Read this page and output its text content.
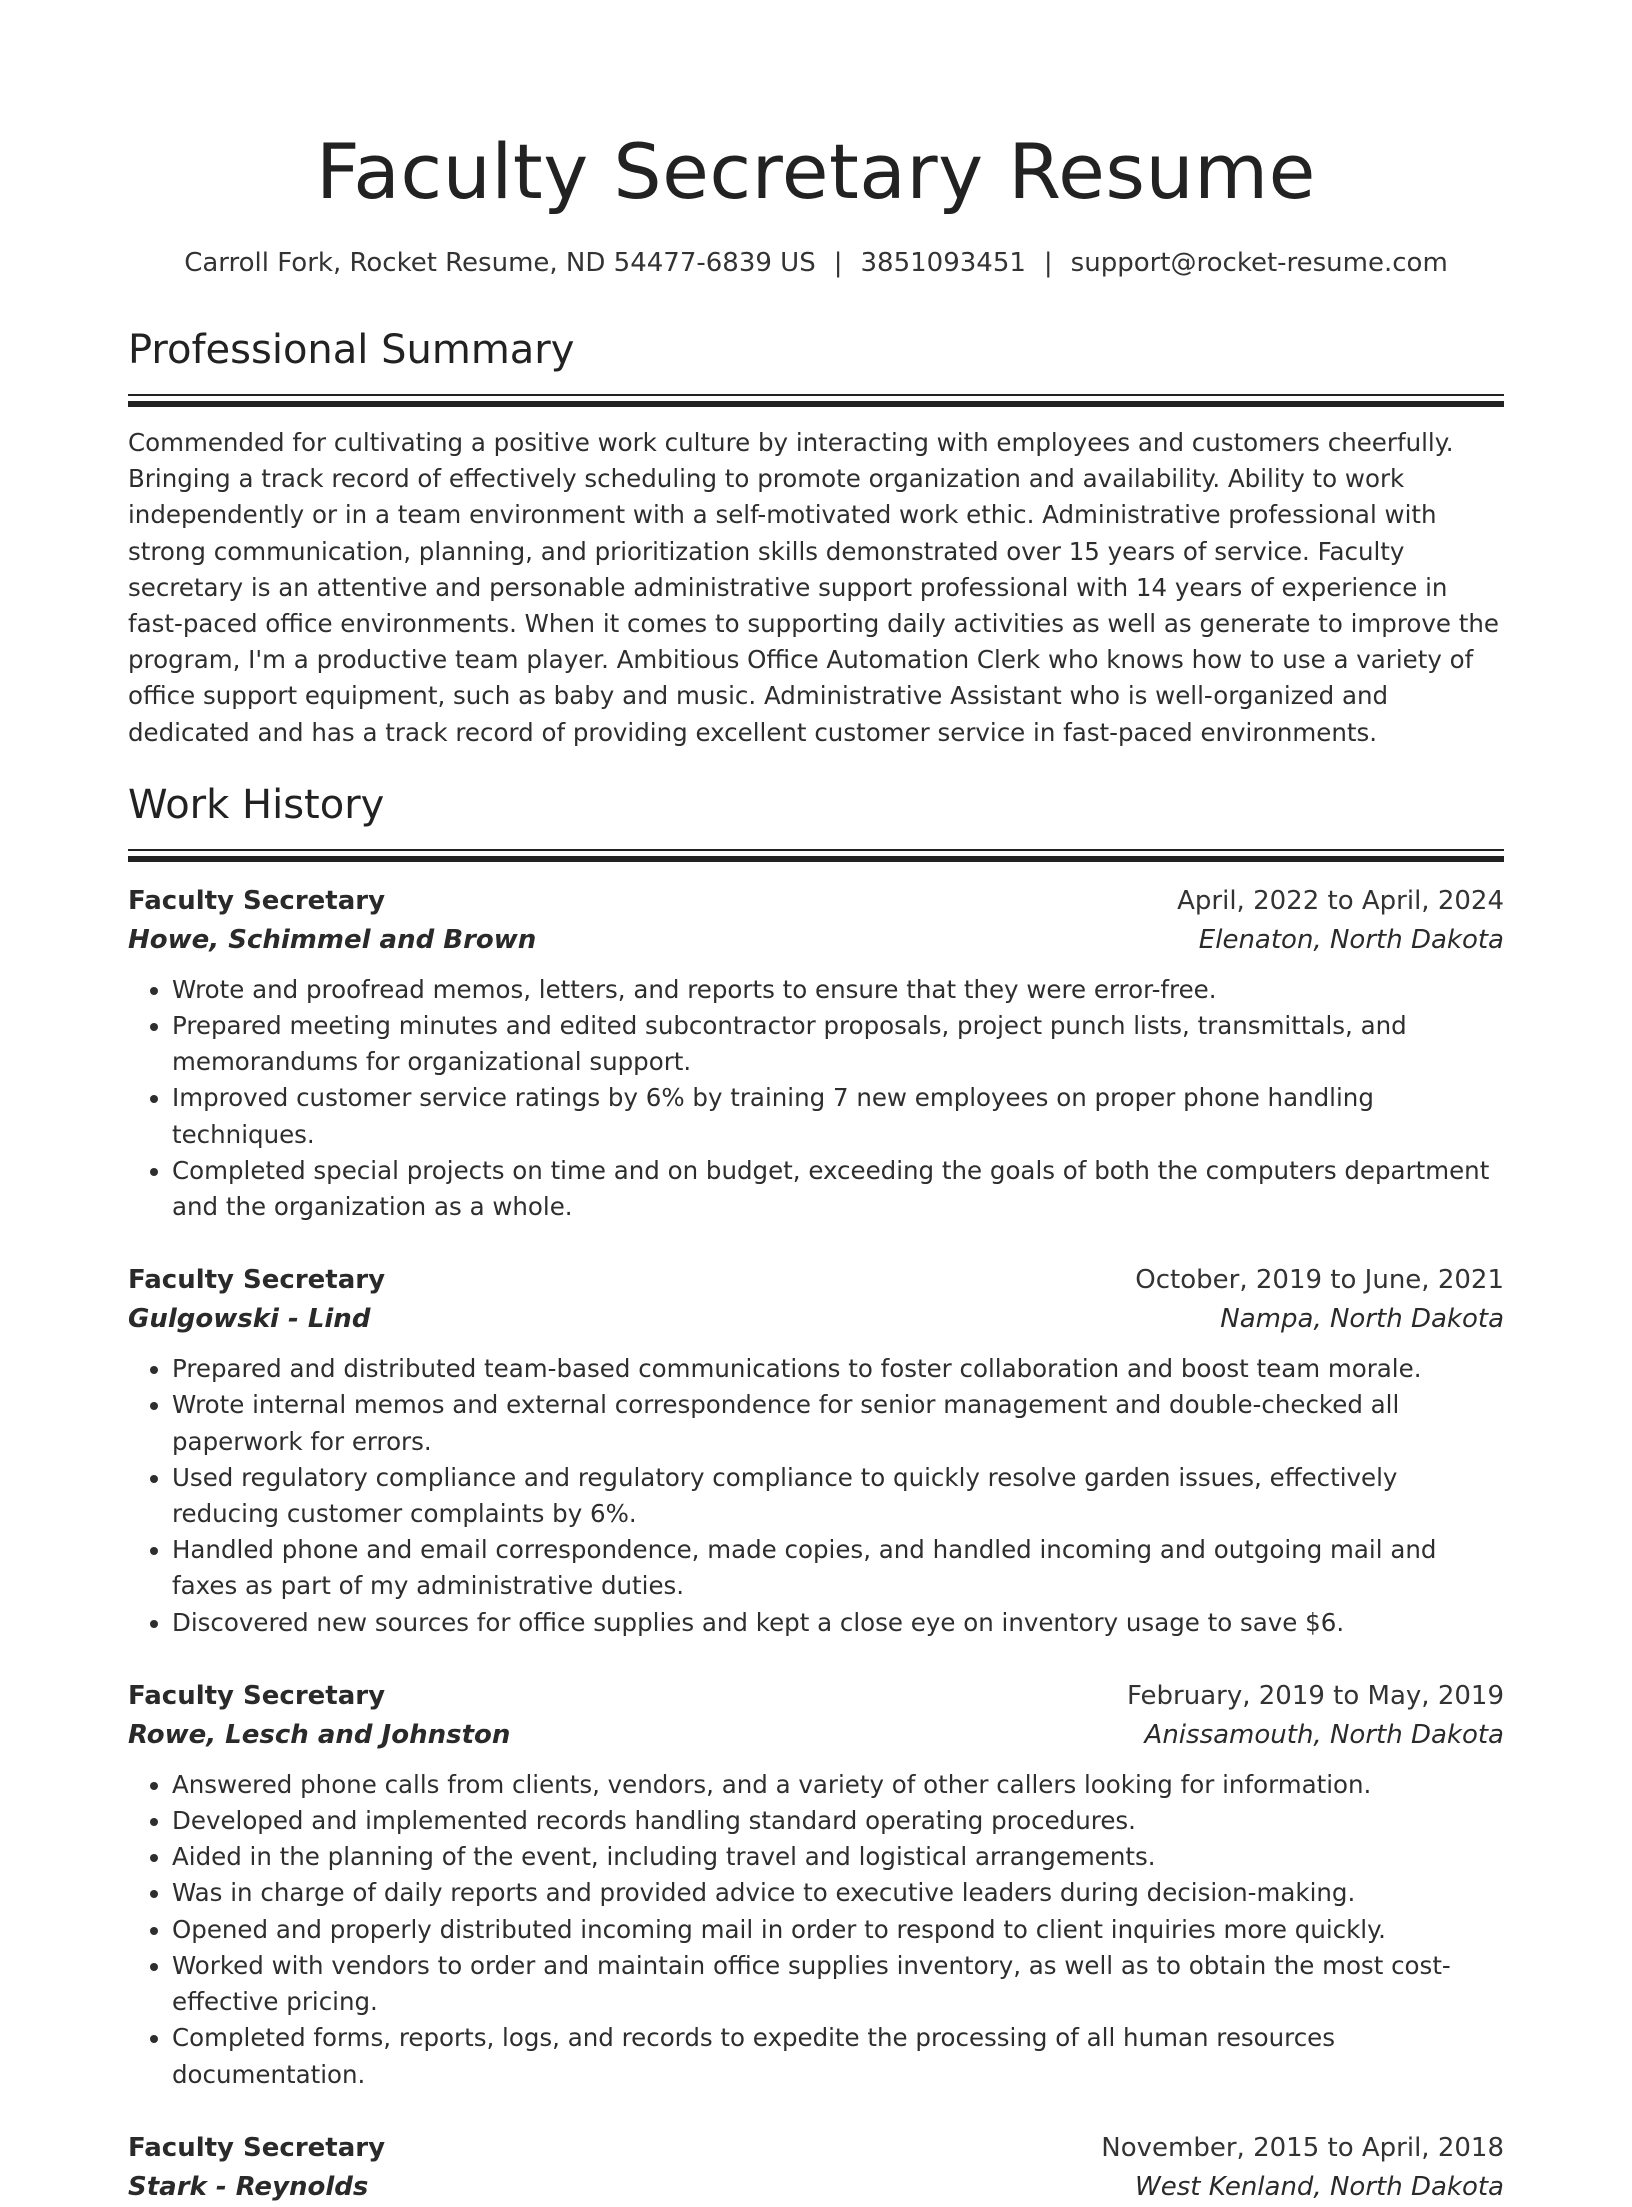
Faculty Secretary Resume
Carroll Fork, Rocket Resume, ND 54477-6839 US | 3851093451 | support@rocket-resume.com
Professional Summary

Commended for cultivating a positive work culture by interacting with employees and customers cheerfully. Bringing a track record of effectively scheduling to promote organization and availability. Ability to work independently or in a team environment with a self-motivated work ethic. Administrative professional with strong communication, planning, and prioritization skills demonstrated over 15 years of service. Faculty secretary is an attentive and personable administrative support professional with 14 years of experience in fast-paced office environments. When it comes to supporting daily activities as well as generate to improve the program, I'm a productive team player. Ambitious Office Automation Clerk who knows how to use a variety of office support equipment, such as baby and music. Administrative Assistant who is well-organized and dedicated and has a track record of providing excellent customer service in fast-paced environments.

Work History
Faculty Secretary	April, 2022 to April, 2024
Howe, Schimmel and Brown	Elenaton, North Dakota
• Wrote and proofread memos, letters, and reports to ensure that they were error-free.
• Prepared meeting minutes and edited subcontractor proposals, project punch lists, transmittals, and memorandums for organizational support.
• Improved customer service ratings by 6% by training 7 new employees on proper phone handling techniques.
• Completed special projects on time and on budget, exceeding the goals of both the computers department and the organization as a whole.
Faculty Secretary	October, 2019 to June, 2021
Gulgowski - Lind	Nampa, North Dakota
• Prepared and distributed team-based communications to foster collaboration and boost team morale.
• Wrote internal memos and external correspondence for senior management and double-checked all paperwork for errors.
• Used regulatory compliance and regulatory compliance to quickly resolve garden issues, effectively reducing customer complaints by 6%.
• Handled phone and email correspondence, made copies, and handled incoming and outgoing mail and faxes as part of my administrative duties.
• Discovered new sources for office supplies and kept a close eye on inventory usage to save $6.
Faculty Secretary	February, 2019 to May, 2019
Rowe, Lesch and Johnston	Anissamouth, North Dakota
• Answered phone calls from clients, vendors, and a variety of other callers looking for information.
• Developed and implemented records handling standard operating procedures.
• Aided in the planning of the event, including travel and logistical arrangements.
• Was in charge of daily reports and provided advice to executive leaders during decision-making.
• Opened and properly distributed incoming mail in order to respond to client inquiries more quickly.
• Worked with vendors to order and maintain office supplies inventory, as well as to obtain the most cost-effective pricing.
• Completed forms, reports, logs, and records to expedite the processing of all human resources documentation.
Faculty Secretary	November, 2015 to April, 2018
Stark - Reynolds	West Kenland, North Dakota
